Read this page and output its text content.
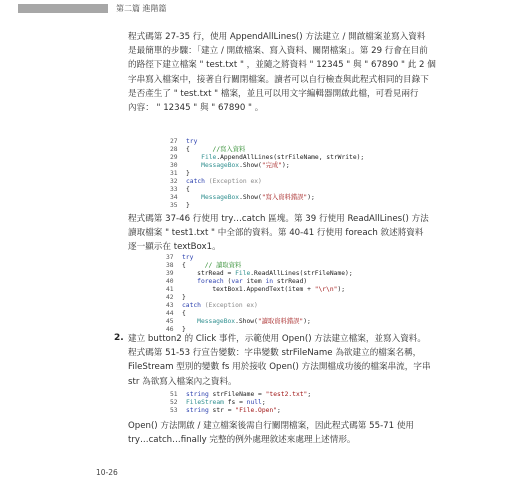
第二篇 進階篇
程式碼第 27-35 行，使用 AppendAllLines() 方法建立 / 開啟檔案並寫入資料
是最簡單的步驟：「建立 / 開啟檔案、寫入資料、關閉檔案」。第 29 行會在目前
的路徑下建立檔案 " test.txt " ，並隨之將資料 " 12345 " 與 " 67890 " 此 2 個
字串寫入檔案中，接著自行關閉檔案。讀者可以自行檢查與此程式相同的目錄下
是否產生了 " test.txt " 檔案，並且可以用文字編輯器開啟此檔，可看見兩行
內容： " 12345 " 與 " 67890 " 。
27 try
28 {      //寫入資料
29	File.AppendAllLines(strFileName, strWrite);
30	MessageBox.Show("完成");
31 }
32 catch (Exception ex)
33 {
34	MessageBox.Show("寫入資料錯誤");
35 }
程式碼第 37-46 行使用 try…catch 區塊。第 39 行使用 ReadAllLines() 方法
讀取檔案 " test1.txt " 中全部的資料。第 40-41 行使用 foreach 敘述將資料
逐一顯示在 textBox1。
37 try
38 {     // 讀取資料
39    strRead = File.ReadAllLines(strFileName);
40	foreach (var item in strRead)
41        textBox1.AppendText(item + "\r\n");
42 }
43 catch (Exception ex)
44 {
45	MessageBox.Show("讀取資料錯誤");
46 }
2. 建立 button2 的 Click 事件，示範使用 Open() 方法建立檔案，並寫入資料。
程式碼第 51-53 行宣告變數：字串變數 strFileName 為欲建立的檔案名稱，
FileStream 型別的變數 fs 用於接收 Open() 方法開檔成功後的檔案串流，字串
str 為欲寫入檔案內之資料。
51 string strFileName = "test2.txt";
52 FileStream fs = null;
53 string str = "File.Open";
Open() 方法開啟 / 建立檔案後需自行關閉檔案，因此程式碼第 55-71 使用
try…catch…finally 完整的例外處理敘述來處理上述情形。
10-26
